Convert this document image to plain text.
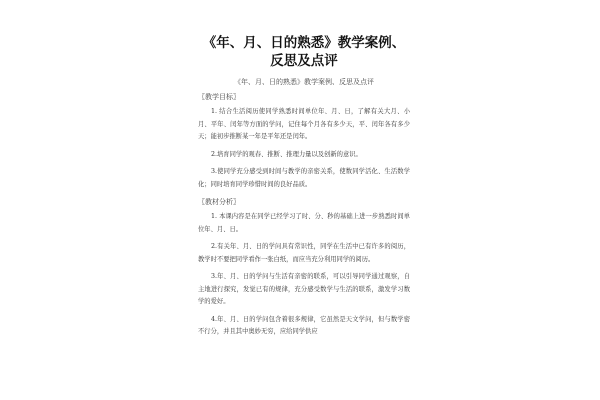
《年、月、日的熟悉》教学案例、反思及点评
《年、月、日的熟悉》教学案例、反思及点评
〖教学目标〗

1. 结合生活阅历使同学熟悉时间单位年、月、日，了解有关大月、小月、平年、闰年等方面的学问，记住每个月各有多少天，平、闰年各有多少天；能初步推断某一年是平年还是闰年。

2.培育同学的观春、推断、推理力量以及创新的意识。

3.使同学充分感受到时间与教学的亲密关系，使数同学活化、生活数学化；同时培育同学珍惜时间的良好品质。

〖教材分析〗

1. 本课内容是在同学已经学习了时、分、秒的基础上进一步熟悉时间单位年、月、日。

2.有关年、月、日的学问具有常识性，同学在生活中已有许多的阅历，教学时不要把同学看作一张白纸，而应当充分利用同学的阅历。

3.年、月、日的学问与生活有亲密的联系，可以引导同学通过观察，自主地进行探究，发觉已有的规律，充分感受数学与生活的联系，激发学习数学的爱好。

4.年、月、日的学问包含着很多规律，它虽然是天文学问，但与数学密不行分，并且其中奥妙无穷，应给同学供应
